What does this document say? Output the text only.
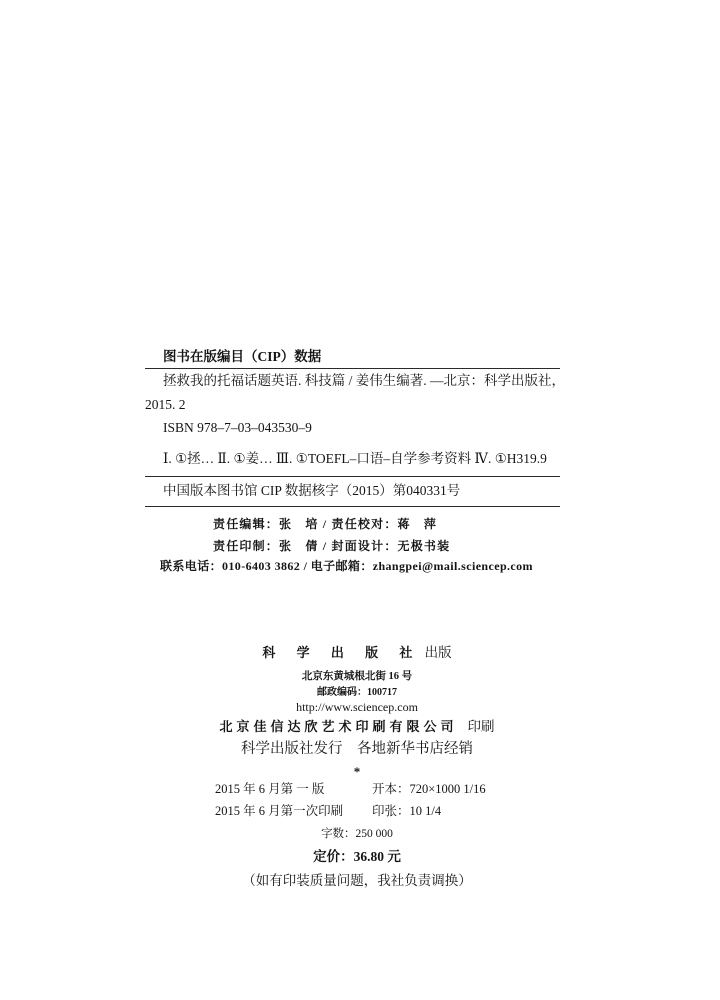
图书在版编目（CIP）数据
拯救我的托福话题英语. 科技篇 / 姜伟生编著. —北京：科学出版社，
2015. 2
ISBN 978–7–03–043530–9
Ⅰ. ①拯… Ⅱ. ①姜… Ⅲ. ①TOEFL–口语–自学参考资料 Ⅳ. ①H319.9
中国版本图书馆 CIP 数据核字（2015）第040331号
责任编辑：张　培 / 责任校对：蒋　萍
责任印制：张　倩 / 封面设计：无极书装
联系电话：010-6403 3862 / 电子邮箱：zhangpei@mail.sciencep.com
科 学 出 版 社 出版
北京东黄城根北街 16 号
邮政编码：100717
http://www.sciencep.com
北京佳信达欣艺术印刷有限公司 印刷
科学出版社发行　各地新华书店经销
*
2015 年 6 月第 一 版	开本：720×1000 1/16
2015 年 6 月第一次印刷 印张：10 1/4
字数：250 000
定价：36.80 元
（如有印装质量问题，我社负责调换）
